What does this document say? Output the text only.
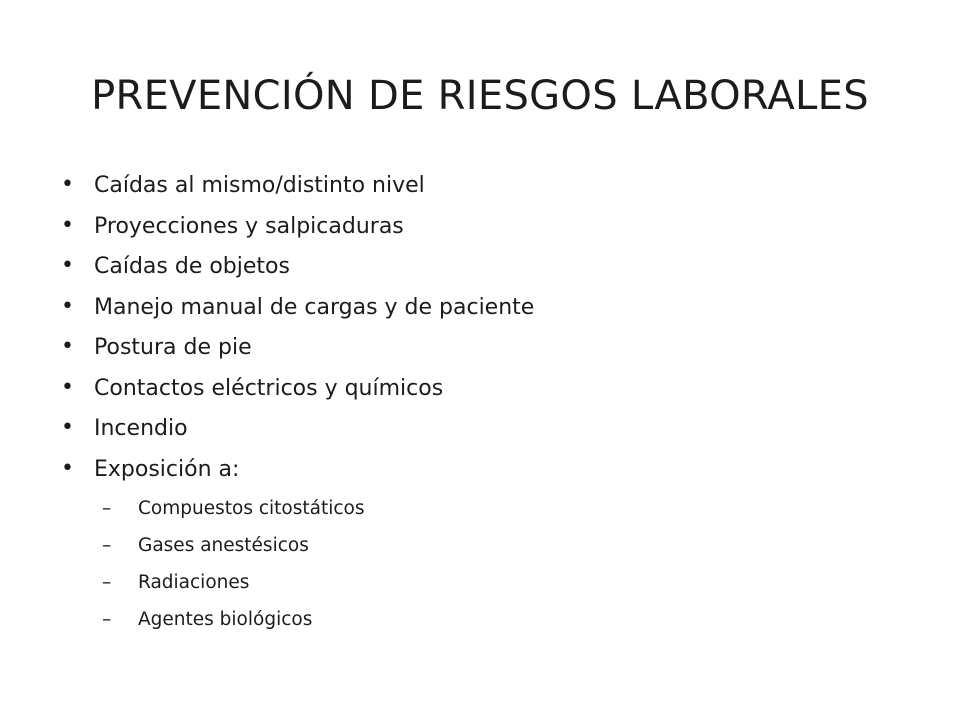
PREVENCIÓN DE RIESGOS LABORALES
• Caídas al mismo/distinto nivel
• Proyecciones y salpicaduras
• Caídas de objetos
• Manejo manual de cargas y de paciente
• Postura de pie
• Contactos eléctricos y químicos
• Incendio
• Exposición a:
– Compuestos citostáticos
– Gases anestésicos
– Radiaciones
– Agentes biológicos
